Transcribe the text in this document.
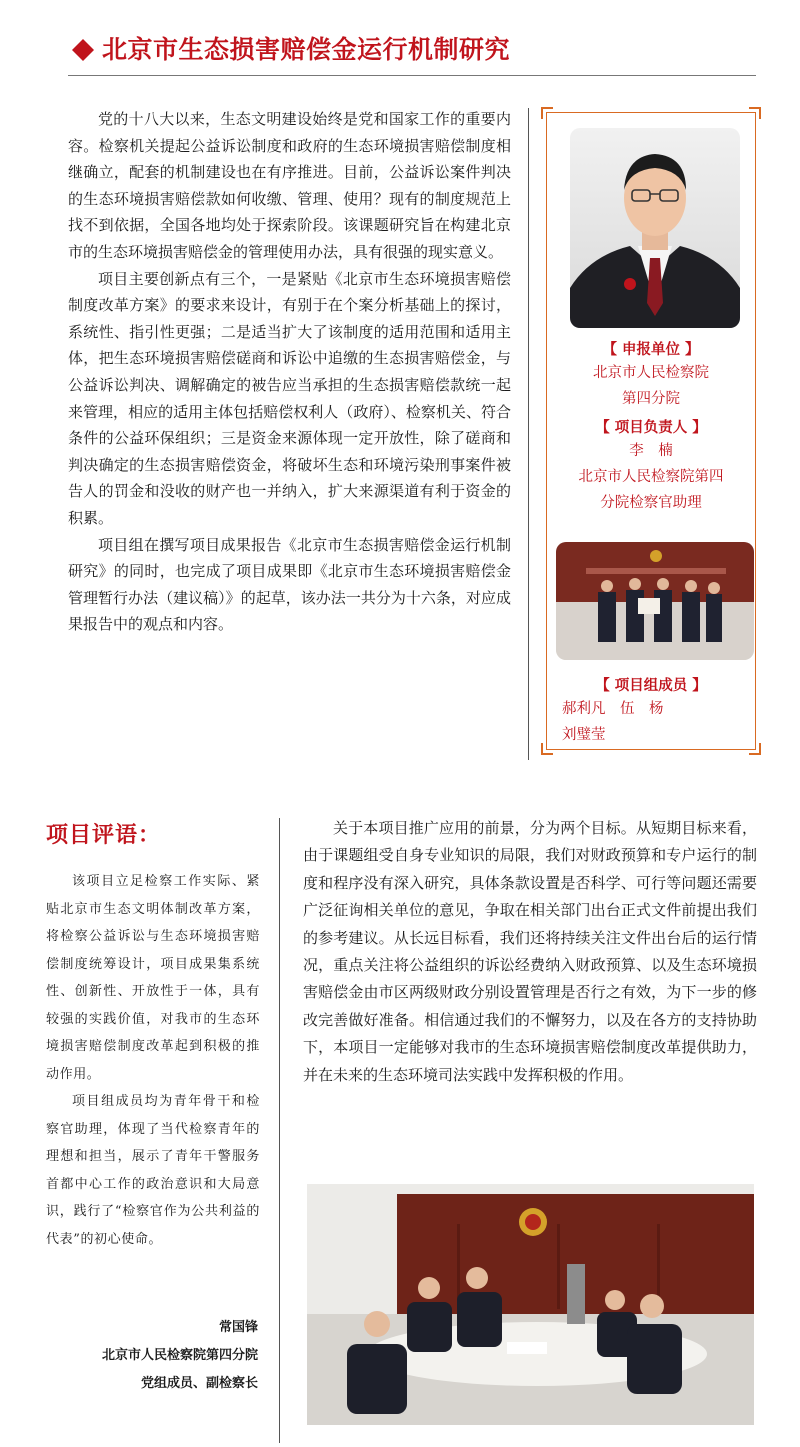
北京市生态损害赔偿金运行机制研究

党的十八大以来，生态文明建设始终是党和国家工作的重要内容。检察机关提起公益诉讼制度和政府的生态环境损害赔偿制度相继确立，配套的机制建设也在有序推进。目前，公益诉讼案件判决的生态环境损害赔偿款如何收缴、管理、使用？现有的制度规范上找不到依据，全国各地均处于探索阶段。该课题研究旨在构建北京市的生态环境损害赔偿金的管理使用办法，具有很强的现实意义。

项目主要创新点有三个，一是紧贴《北京市生态环境损害赔偿制度改革方案》的要求来设计，有别于在个案分析基础上的探讨，系统性、指引性更强；二是适当扩大了该制度的适用范围和适用主体，把生态环境损害赔偿磋商和诉讼中追缴的生态损害赔偿金，与公益诉讼判决、调解确定的被告应当承担的生态损害赔偿款统一起来管理，相应的适用主体包括赔偿权利人（政府）、检察机关、符合条件的公益环保组织；三是资金来源体现一定开放性，除了磋商和判决确定的生态损害赔偿资金，将破坏生态和环境污染刑事案件被告人的罚金和没收的财产也一并纳入，扩大来源渠道有利于资金的积累。

项目组在撰写项目成果报告《北京市生态损害赔偿金运行机制研究》的同时，也完成了项目成果即《北京市生态环境损害赔偿金管理暂行办法（建议稿）》的起草，该办法一共分为十六条，对应成果报告中的观点和内容。

【 申报单位 】
北京市人民检察院
第四分院
【 项目负责人 】
李　楠
北京市人民检察院第四
分院检察官助理
【 项目组成员 】
郝利凡　伍　杨
刘璧莹
项目评语：

该项目立足检察工作实际、紧贴北京市生态文明体制改革方案，将检察公益诉讼与生态环境损害赔偿制度统筹设计，项目成果集系统性、创新性、开放性于一体，具有较强的实践价值，对我市的生态环境损害赔偿制度改革起到积极的推动作用。

项目组成员均为青年骨干和检察官助理，体现了当代检察青年的理想和担当，展示了青年干警服务首都中心工作的政治意识和大局意识，践行了“检察官作为公共利益的代表”的初心使命。

常国锋
北京市人民检察院第四分院
党组成员、副检察长

关于本项目推广应用的前景，分为两个目标。从短期目标来看，由于课题组受自身专业知识的局限，我们对财政预算和专户运行的制度和程序没有深入研究，具体条款设置是否科学、可行等问题还需要广泛征询相关单位的意见，争取在相关部门出台正式文件前提出我们的参考建议。从长远目标看，我们还将持续关注文件出台后的运行情况，重点关注将公益组织的诉讼经费纳入财政预算、以及生态环境损害赔偿金由市区两级财政分别设置管理是否行之有效，为下一步的修改完善做好准备。相信通过我们的不懈努力，以及在各方的支持协助下，本项目一定能够对我市的生态环境损害赔偿制度改革提供助力，并在未来的生态环境司法实践中发挥积极的作用。
